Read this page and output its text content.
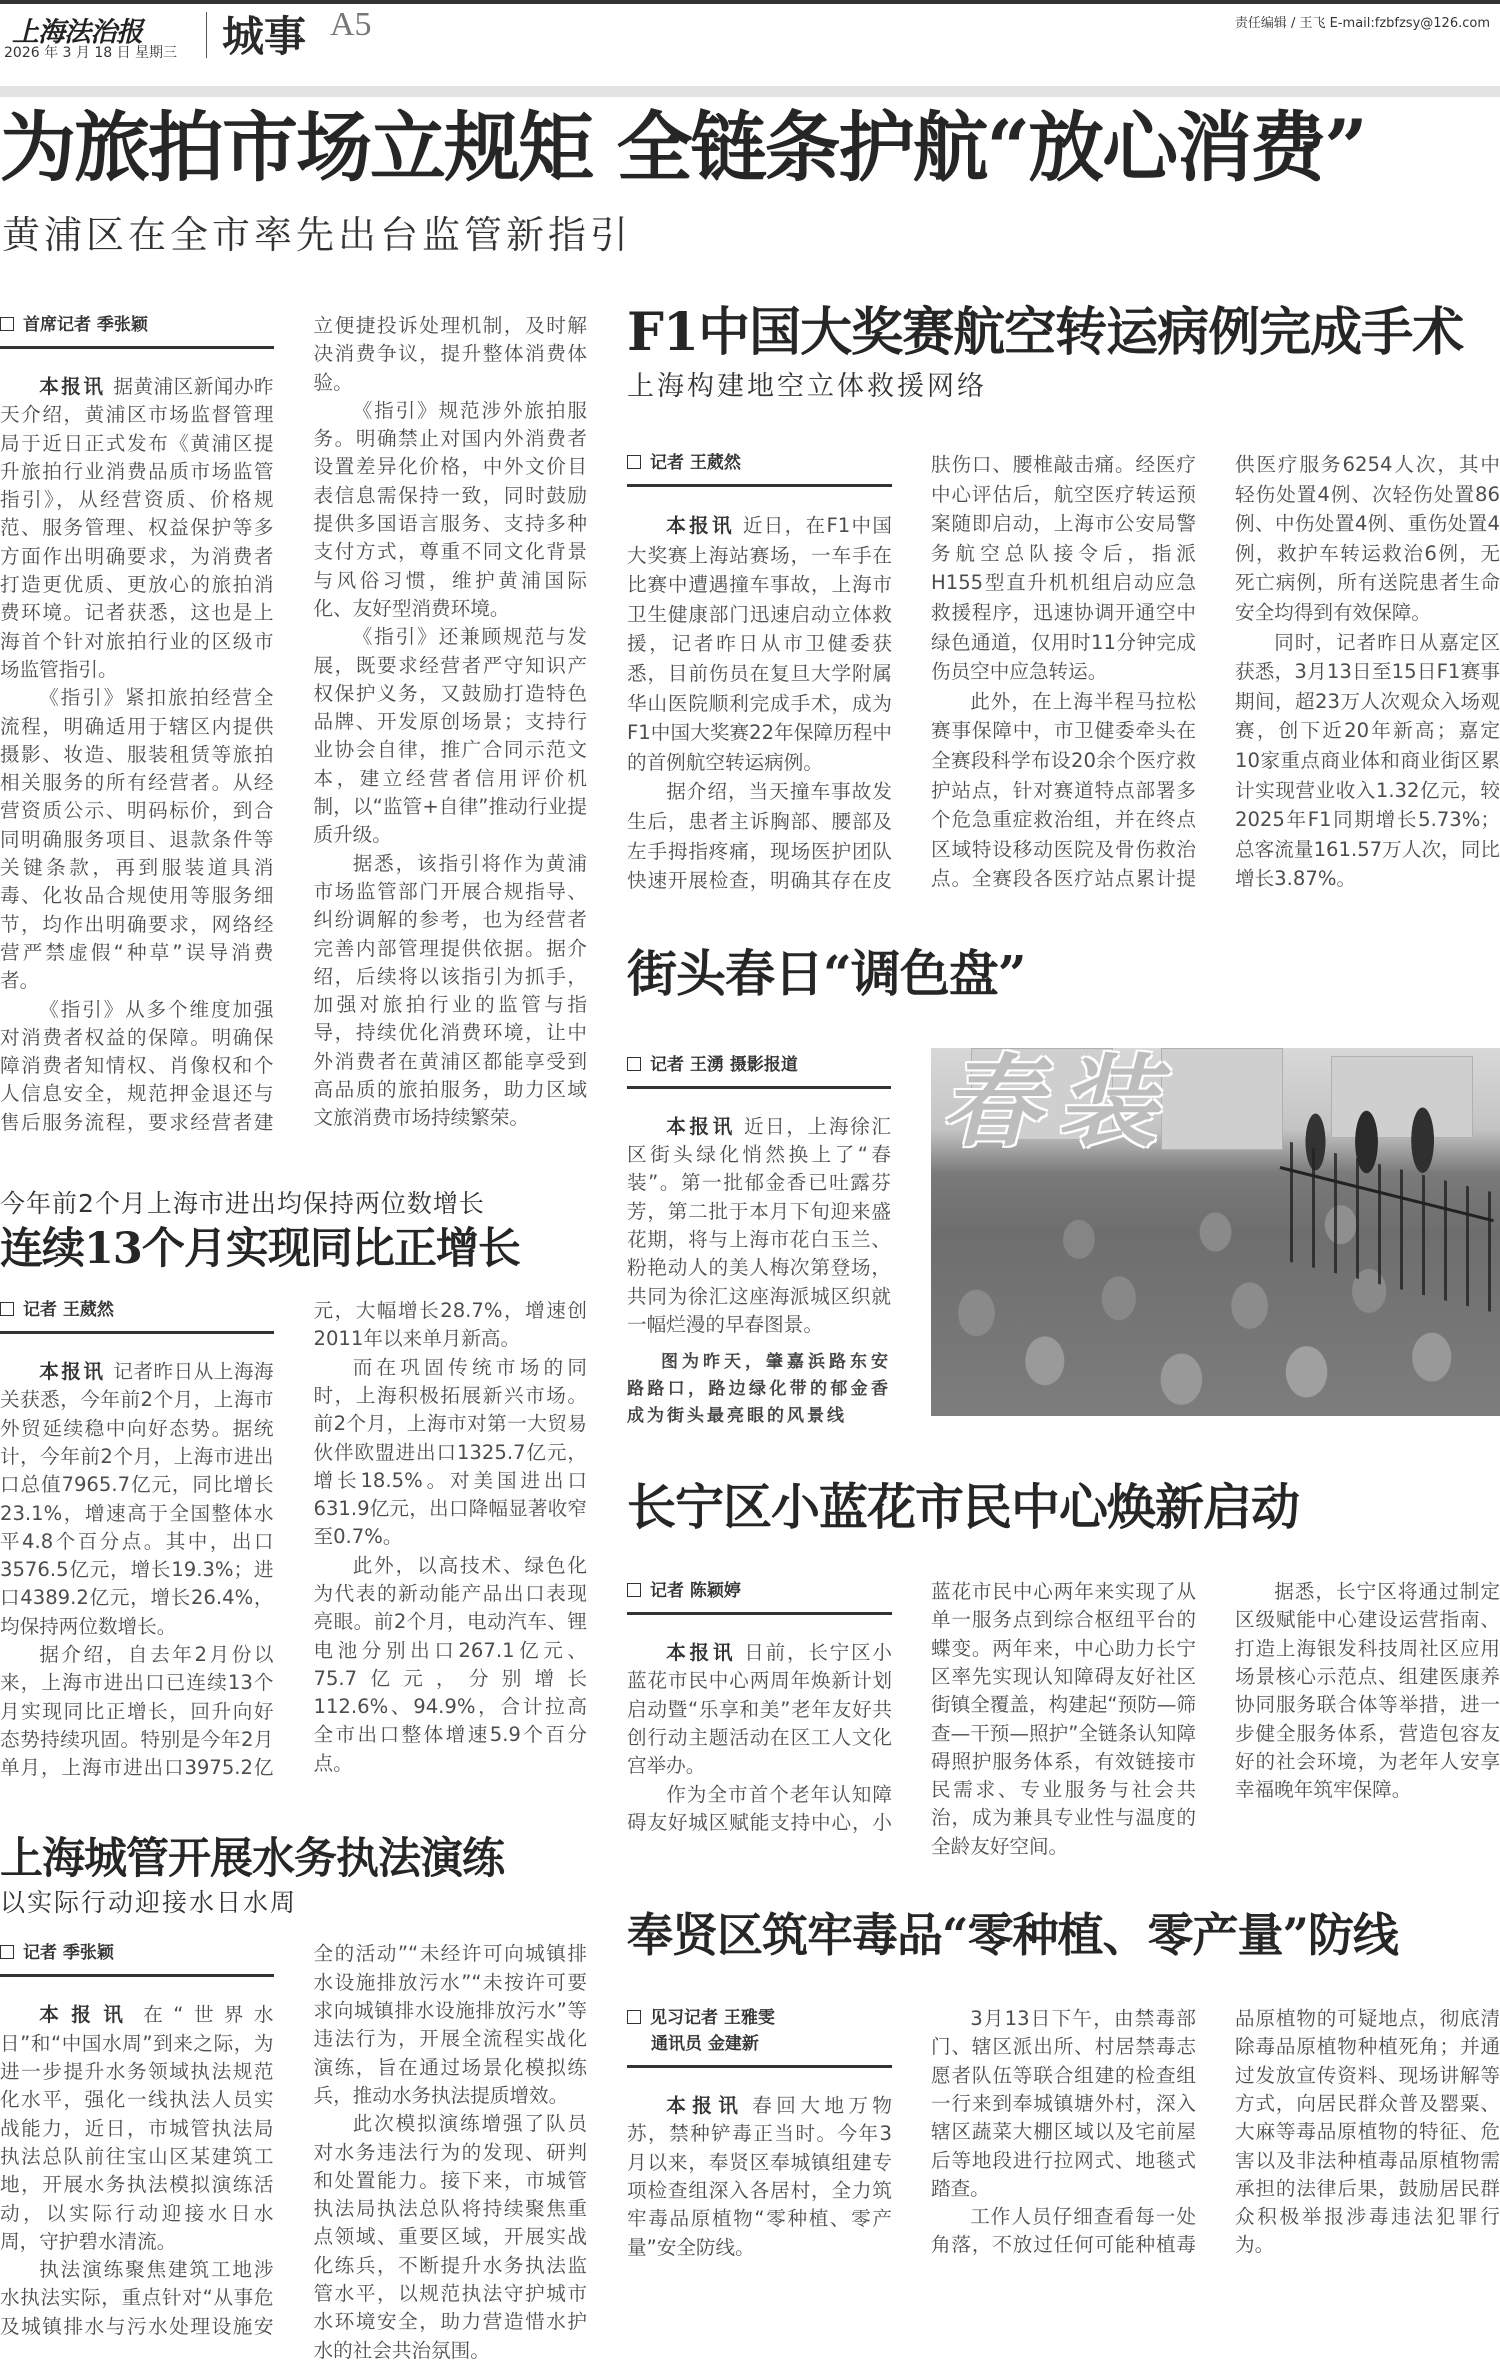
上海法治报
2026 年 3 月 18 日 星期三 城事 A5	责任编辑 / 王飞 E-mail:fzbfzsy@126.com
为旅拍市场立规矩 全链条护航“放心消费”
黄浦区在全市率先出台监管新指引
首席记者 季张颖

本报讯 据黄浦区新闻办昨天介绍，黄浦区市场监督管理局于近日正式发布《黄浦区提升旅拍行业消费品质市场监管指引》，从经营资质、价格规范、服务管理、权益保护等多方面作出明确要求，为消费者打造更优质、更放心的旅拍消费环境。记者获悉，这也是上海首个针对旅拍行业的区级市场监管指引。

《指引》紧扣旅拍经营全流程，明确适用于辖区内提供摄影、妆造、服装租赁等旅拍相关服务的所有经营者。从经营资质公示、明码标价，到合同明确服务项目、退款条件等关键条款，再到服装道具消毒、化妆品合规使用等服务细节，均作出明确要求，网络经营严禁虚假“种草”误导消费者。

《指引》从多个维度加强对消费者权益的保障。明确保障消费者知情权、肖像权和个人信息安全，规范押金退还与售后服务流程，要求经营者建立便捷投诉处理机制，及时解决消费争议，提升整体消费体验。

《指引》规范涉外旅拍服务。明确禁止对国内外消费者设置差异化价格，中外文价目表信息需保持一致，同时鼓励提供多国语言服务、支持多种支付方式，尊重不同文化背景与风俗习惯，维护黄浦国际化、友好型消费环境。

《指引》还兼顾规范与发展，既要求经营者严守知识产权保护义务，又鼓励打造特色品牌、开发原创场景；支持行业协会自律，推广合同示范文本，建立经营者信用评价机制，以“监管+自律”推动行业提质升级。

据悉，该指引将作为黄浦市场监管部门开展合规指导、纠纷调解的参考，也为经营者完善内部管理提供依据。据介绍，后续将以该指引为抓手，加强对旅拍行业的监管与指导，持续优化消费环境，让中外消费者在黄浦区都能享受到高品质的旅拍服务，助力区域文旅消费市场持续繁荣。

今年前2个月上海市进出均保持两位数增长
连续13个月实现同比正增长
记者 王葳然

本报讯 记者昨日从上海海关获悉，今年前2个月，上海市外贸延续稳中向好态势。据统计，今年前2个月，上海市进出口总值7965.7亿元，同比增长23.1%，增速高于全国整体水平4.8个百分点。其中，出口3576.5亿元，增长19.3%；进口4389.2亿元，增长26.4%，均保持两位数增长。

据介绍，自去年2月份以来，上海市进出口已连续13个月实现同比正增长，回升向好态势持续巩固。特别是今年2月单月，上海市进出口3975.2亿元，大幅增长28.7%，增速创2011年以来单月新高。

而在巩固传统市场的同时，上海积极拓展新兴市场。前2个月，上海市对第一大贸易伙伴欧盟进出口1325.7亿元，增长18.5%。对美国进出口631.9亿元，出口降幅显著收窄至0.7%。

此外，以高技术、绿色化为代表的新动能产品出口表现亮眼。前2个月，电动汽车、锂电池分别出口267.1亿元、75.7亿元，分别增长112.6%、94.9%，合计拉高全市出口整体增速5.9个百分点。

上海城管开展水务执法演练
以实际行动迎接水日水周
记者 季张颖

本报讯 在“世界水日”和“中国水周”到来之际，为进一步提升水务领域执法规范化水平，强化一线执法人员实战能力，近日，市城管执法局执法总队前往宝山区某建筑工地，开展水务执法模拟演练活动，以实际行动迎接水日水周，守护碧水清流。

执法演练聚焦建筑工地涉水执法实际，重点针对“从事危及城镇排水与污水处理设施安全的活动”“未经许可向城镇排水设施排放污水”“未按许可要求向城镇排水设施排放污水”等违法行为，开展全流程实战化演练，旨在通过场景化模拟练兵，推动水务执法提质增效。

此次模拟演练增强了队员对水务违法行为的发现、研判和处置能力。接下来，市城管执法局执法总队将持续聚焦重点领域、重要区域，开展实战化练兵，不断提升水务执法监管水平，以规范执法守护城市水环境安全，助力营造惜水护水的社会共治氛围。

F1中国大奖赛航空转运病例完成手术
上海构建地空立体救援网络
记者 王葳然

本报讯 近日，在F1中国大奖赛上海站赛场，一车手在比赛中遭遇撞车事故，上海市卫生健康部门迅速启动立体救援，记者昨日从市卫健委获悉，目前伤员在复旦大学附属华山医院顺利完成手术，成为F1中国大奖赛22年保障历程中的首例航空转运病例。

据介绍，当天撞车事故发生后，患者主诉胸部、腰部及左手拇指疼痛，现场医护团队快速开展检查，明确其存在皮肤伤口、腰椎敲击痛。经医疗中心评估后，航空医疗转运预案随即启动，上海市公安局警务航空总队接令后，指派H155型直升机机组启动应急救援程序，迅速协调开通空中绿色通道，仅用时11分钟完成伤员空中应急转运。

此外，在上海半程马拉松赛事保障中，市卫健委牵头在全赛段科学布设20余个医疗救护站点，针对赛道特点部署多个危急重症救治组，并在终点区域特设移动医院及骨伤救治点。全赛段各医疗站点累计提供医疗服务6254人次，其中轻伤处置4例、次轻伤处置86例、中伤处置4例、重伤处置4例，救护车转运救治6例，无死亡病例，所有送院患者生命安全均得到有效保障。

同时，记者昨日从嘉定区获悉，3月13日至15日F1赛事期间，超23万人次观众入场观赛，创下近20年新高；嘉定10家重点商业体和商业街区累计实现营业收入1.32亿元，较2025年F1同期增长5.73%；总客流量161.57万人次，同比增长3.87%。

街头春日“调色盘”
记者 王湧 摄影报道

本报讯 近日，上海徐汇区街头绿化悄然换上了“春装”。第一批郁金香已吐露芬芳，第二批于本月下旬迎来盛花期，将与上海市花白玉兰、粉艳动人的美人梅次第登场，共同为徐汇这座海派城区织就一幅烂漫的早春图景。

图为昨天，肇嘉浜路东安路路口，路边绿化带的郁金香成为街头最亮眼的风景线
春装
长宁区小蓝花市民中心焕新启动
记者 陈颖婷

本报讯 日前，长宁区小蓝花市民中心两周年焕新计划启动暨“乐享和美”老年友好共创行动主题活动在区工人文化宫举办。

作为全市首个老年认知障碍友好城区赋能支持中心，小蓝花市民中心两年来实现了从单一服务点到综合枢纽平台的蝶变。两年来，中心助力长宁区率先实现认知障碍友好社区街镇全覆盖，构建起“预防—筛查—干预—照护”全链条认知障碍照护服务体系，有效链接市民需求、专业服务与社会共治，成为兼具专业性与温度的全龄友好空间。

据悉，长宁区将通过制定区级赋能中心建设运营指南、打造上海银发科技周社区应用场景核心示范点、组建医康养协同服务联合体等举措，进一步健全服务体系，营造包容友好的社会环境，为老年人安享幸福晚年筑牢保障。

奉贤区筑牢毒品“零种植、零产量”防线
见习记者 王雅雯
通讯员 金建新

本报讯 春回大地万物苏，禁种铲毒正当时。今年3月以来，奉贤区奉城镇组建专项检查组深入各居村，全力筑牢毒品原植物“零种植、零产量”安全防线。

3月13日下午，由禁毒部门、辖区派出所、村居禁毒志愿者队伍等联合组建的检查组一行来到奉城镇塘外村，深入辖区蔬菜大棚区域以及宅前屋后等地段进行拉网式、地毯式踏查。

工作人员仔细查看每一处角落，不放过任何可能种植毒品原植物的可疑地点，彻底清除毒品原植物种植死角；并通过发放宣传资料、现场讲解等方式，向居民群众普及罂粟、大麻等毒品原植物的特征、危害以及非法种植毒品原植物需承担的法律后果，鼓励居民群众积极举报涉毒违法犯罪行为。
